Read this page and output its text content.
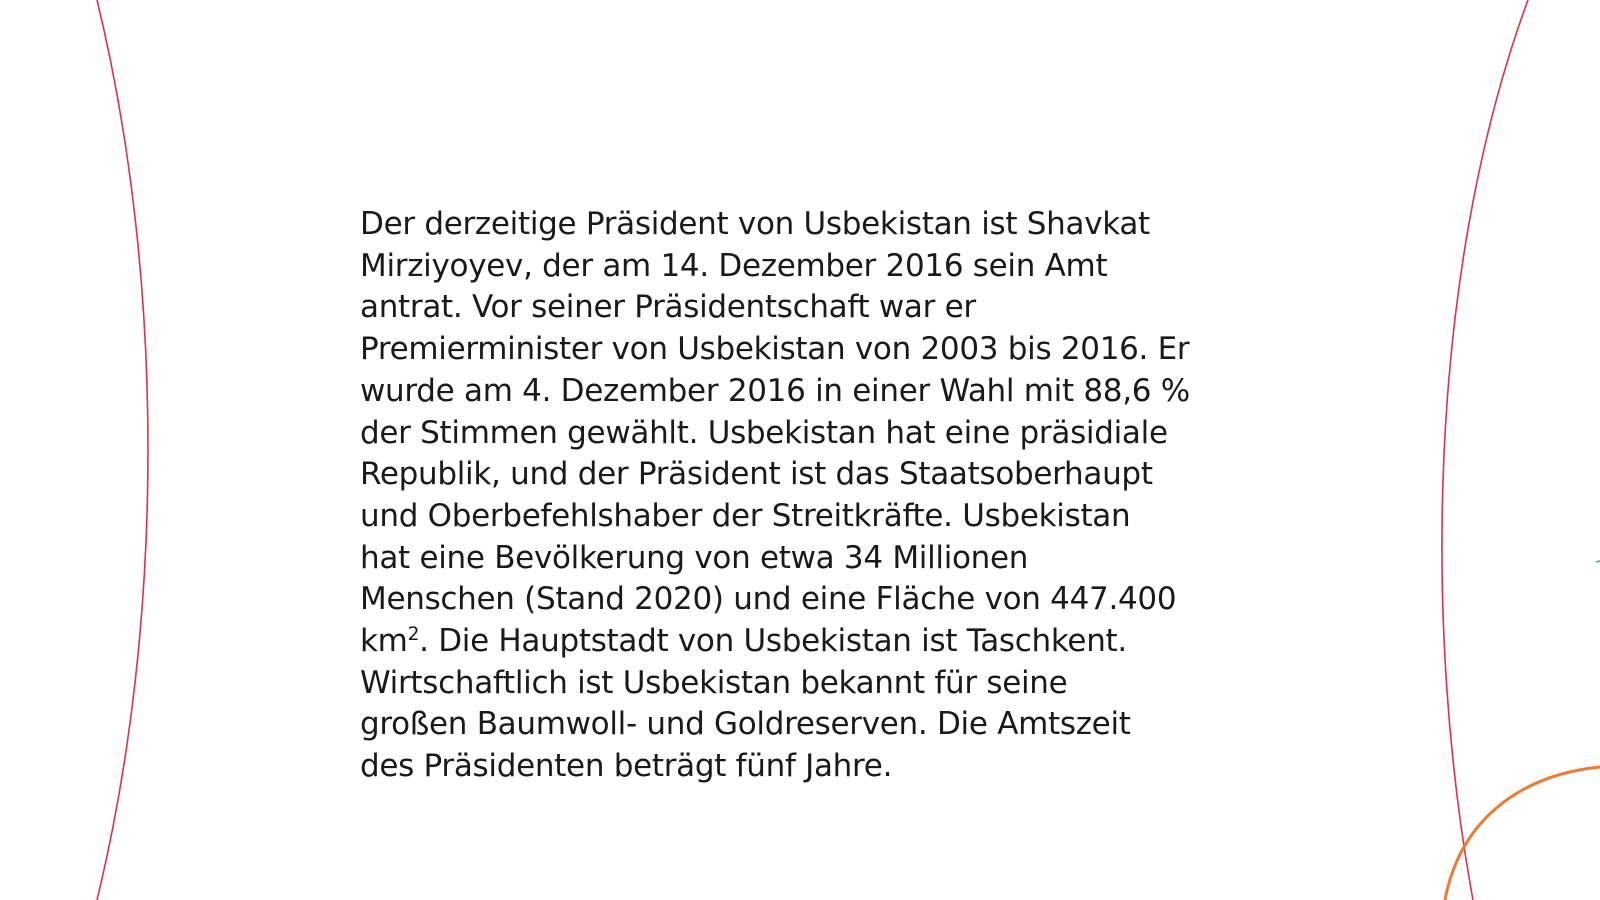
Der derzeitige Präsident von Usbekistan ist Shavkat
Mirziyoyev, der am 14. Dezember 2016 sein Amt
antrat. Vor seiner Präsidentschaft war er
Premierminister von Usbekistan von 2003 bis 2016. Er
wurde am 4. Dezember 2016 in einer Wahl mit 88,6 %
der Stimmen gewählt. Usbekistan hat eine präsidiale
Republik, und der Präsident ist das Staatsoberhaupt
und Oberbefehlshaber der Streitkräfte. Usbekistan
hat eine Bevölkerung von etwa 34 Millionen
Menschen (Stand 2020) und eine Fläche von 447.400
$km^2$. Die Hauptstadt von Usbekistan ist Taschkent.
Wirtschaftlich ist Usbekistan bekannt für seine
großen Baumwoll- und Goldreserven. Die Amtszeit
des Präsidenten beträgt fünf Jahre.
